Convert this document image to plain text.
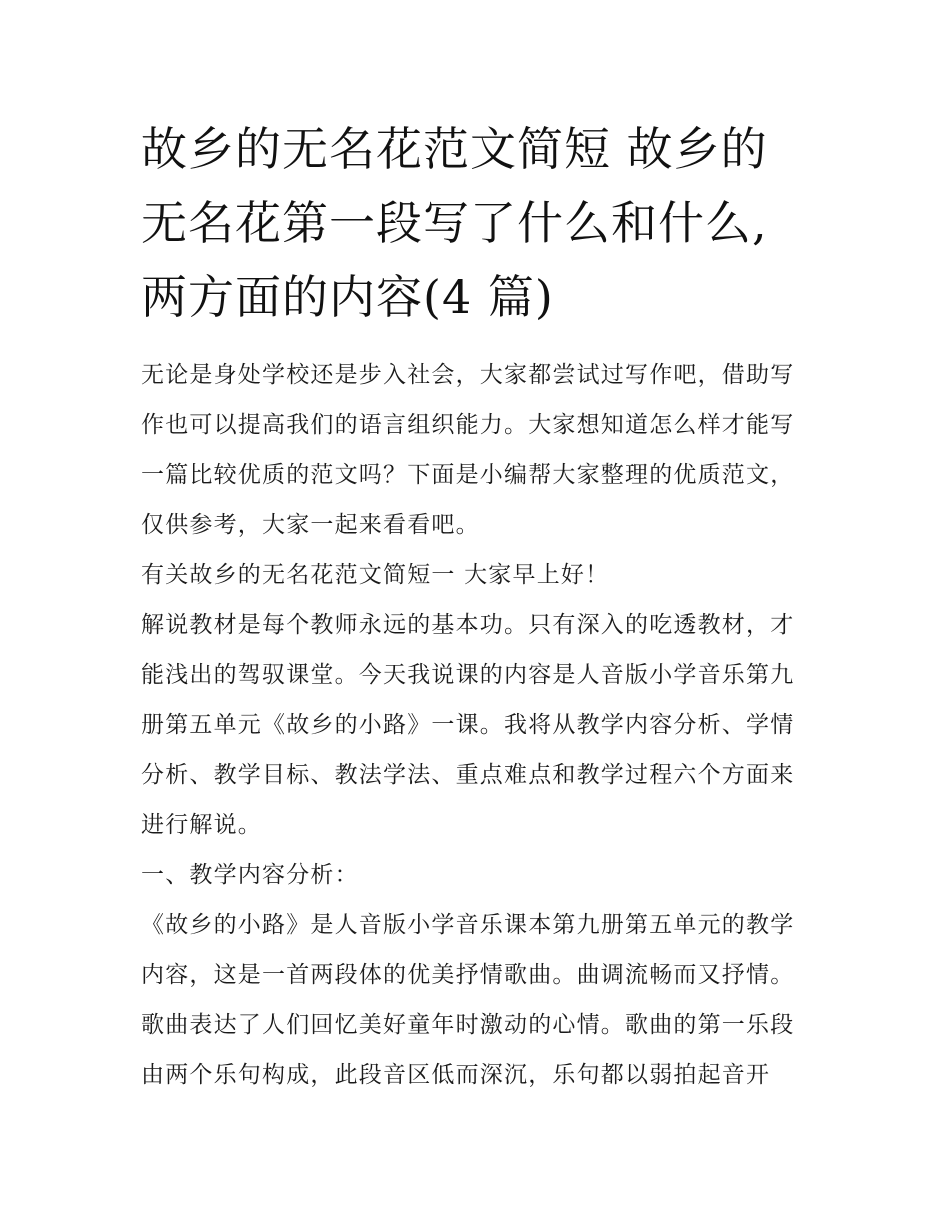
故乡的无名花范文简短 故乡的
无名花第一段写了什么和什么,
两方面的内容(4 篇)

无论是身处学校还是步入社会，大家都尝试过写作吧，借助写
作也可以提高我们的语言组织能力。大家想知道怎么样才能写
一篇比较优质的范文吗？下面是小编帮大家整理的优质范文，
仅供参考，大家一起来看看吧。

有关故乡的无名花范文简短一 大家早上好！

解说教材是每个教师永远的基本功。只有深入的吃透教材，才
能浅出的驾驭课堂。今天我说课的内容是人音版小学音乐第九
册第五单元《故乡的小路》一课。我将从教学内容分析、学情
分析、教学目标、教法学法、重点难点和教学过程六个方面来
进行解说。

一、教学内容分析：

《故乡的小路》是人音版小学音乐课本第九册第五单元的教学
内容，这是一首两段体的优美抒情歌曲。曲调流畅而又抒情。
歌曲表达了人们回忆美好童年时激动的心情。歌曲的第一乐段
由两个乐句构成，此段音区低而深沉，乐句都以弱拍起音开
